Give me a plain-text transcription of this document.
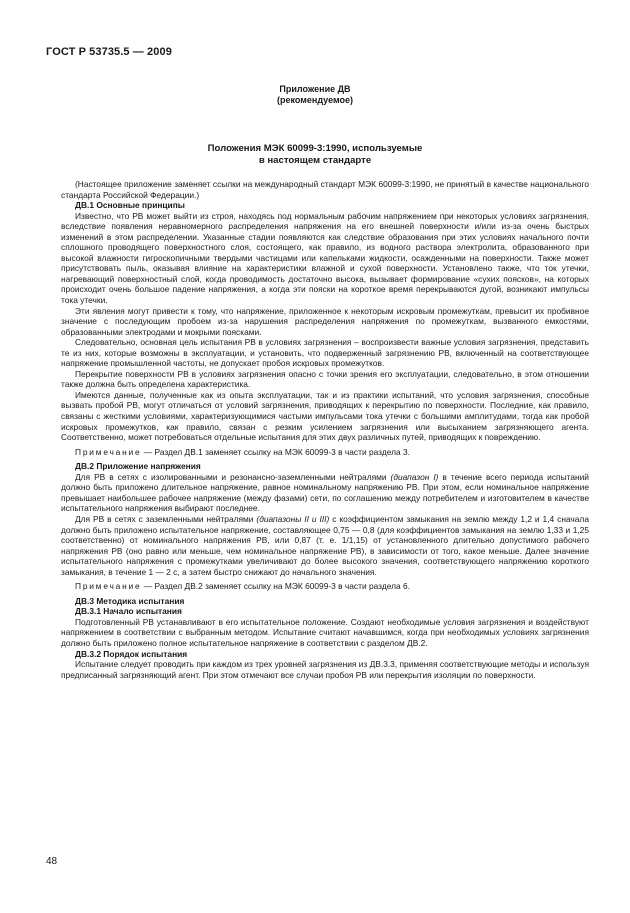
ГОСТ Р 53735.5 — 2009
Приложение ДВ
(рекомендуемое)
Положения МЭК 60099-3:1990, используемые
в настоящем стандарте

(Настоящее приложение заменяет ссылки на международный стандарт МЭК 60099-3:1990, не принятый в качестве национального стандарта Российской Федерации.)

ДВ.1 Основные принципы

Известно, что РВ может выйти из строя, находясь под нормальным рабочим напряжением при некоторых условиях загрязнения, вследствие появления неравномерного распределения напряжения на его внешней поверхности и/или из-за очень быстрых изменений в этом распределении. Указанные стадии появляются как следствие образования при этих условиях начального почти сплошного проводящего поверхностного слоя, состоящего, как правило, из водного раствора электролита, образованного при высокой влажности гигроскопичными твердыми частицами или капельками жидкости, осажденными на поверхности. Также может присутствовать пыль, оказывая влияние на характеристики влажной и сухой поверхности. Установлено также, что ток утечки, нагревающий поверхностный слой, когда проводимость достаточно высока, вызывает формирование «сухих поясков», на которых происходит очень большое падение напряжения, а когда эти пояски на короткое время перекрываются дугой, возникают импульсы тока утечки.

Эти явления могут привести к тому, что напряжение, приложенное к некоторым искровым промежуткам, превысит их пробивное значение с последующим пробоем из-за нарушения распределения напряжения по промежуткам, вызванного емкостями, образованными электродами и мокрыми поясками.

Следовательно, основная цель испытания РВ в условиях загрязнения – воспроизвести важные условия загрязнения, представить те из них, которые возможны в эксплуатации, и установить, что подверженный загрязнению РВ, включенный на соответствующее напряжение промышленной частоты, не допускает пробоя искровых промежутков.

Перекрытие поверхности РВ в условиях загрязнения опасно с точки зрения его эксплуатации, следовательно, в этом отношении также должна быть определена характеристика.

Имеются данные, полученные как из опыта эксплуатации, так и из практики испытаний, что условия загрязнения, способные вызвать пробой РВ, могут отличаться от условий загрязнения, приводящих к перекрытию по поверхности. Последние, как правило, связаны с жесткими условиями, характеризующимися частыми импульсами тока утечки с большими амплитудами, тогда как пробой искровых промежутков, как правило, связан с резким усилением загрязнения или высыханием загрязняющего агента. Соответственно, может потребоваться отдельные испытания для этих двух различных путей, приводящих к повреждению.

Примечание — Раздел ДВ.1 заменяет ссылку на МЭК 60099-3 в части раздела 3.

ДВ.2 Приложение напряжения

Для РВ в сетях с изолированными и резонансно-заземленными нейтралями (диапазон I) в течение всего периода испытаний должно быть приложено длительное напряжение, равное номинальному напряжению РВ. При этом, если номинальное напряжение превышает наибольшее рабочее напряжение (между фазами) сети, по соглашению между потребителем и изготовителем в качестве испытательного напряжения выбирают последнее.

Для РВ в сетях с заземленными нейтралями (диапазоны II и III) с коэффициентом замыкания на землю между 1,2 и 1,4 сначала должно быть приложено испытательное напряжение, составляющее 0,75 — 0,8 (для коэффициентов замыкания на землю 1,33 и 1,25 соответственно) от номинального напряжения РВ, или 0,87 (т. е. 1/1,15) от установленного длительно допустимого рабочего напряжения РВ (оно равно или меньше, чем номинальное напряжение РВ), в зависимости от того, какое меньше. Далее значение испытательного напряжения с промежутками увеличивают до более высокого значения, соответствующего напряжению короткого замыкания, в течение 1 — 2 с, а затем быстро снижают до начального значения.

Примечание — Раздел ДВ.2 заменяет ссылку на МЭК 60099-3 в части раздела 6.

ДВ.3 Методика испытания
ДВ.3.1 Начало испытания

Подготовленный РВ устанавливают в его испытательное положение. Создают необходимые условия загрязнения и воздействуют напряжением в соответствии с выбранным методом. Испытание считают начавшимся, когда при необходимых условиях загрязнения должно быть приложено полное испытательное напряжение в соответствии с разделом ДВ.2.

ДВ.3.2 Порядок испытания

Испытание следует проводить при каждом из трех уровней загрязнения из ДВ.3.3, применяя соответствующие методы и используя предписанный загрязняющий агент. При этом отмечают все случаи пробоя РВ или перекрытия изоляции по поверхности.

48
